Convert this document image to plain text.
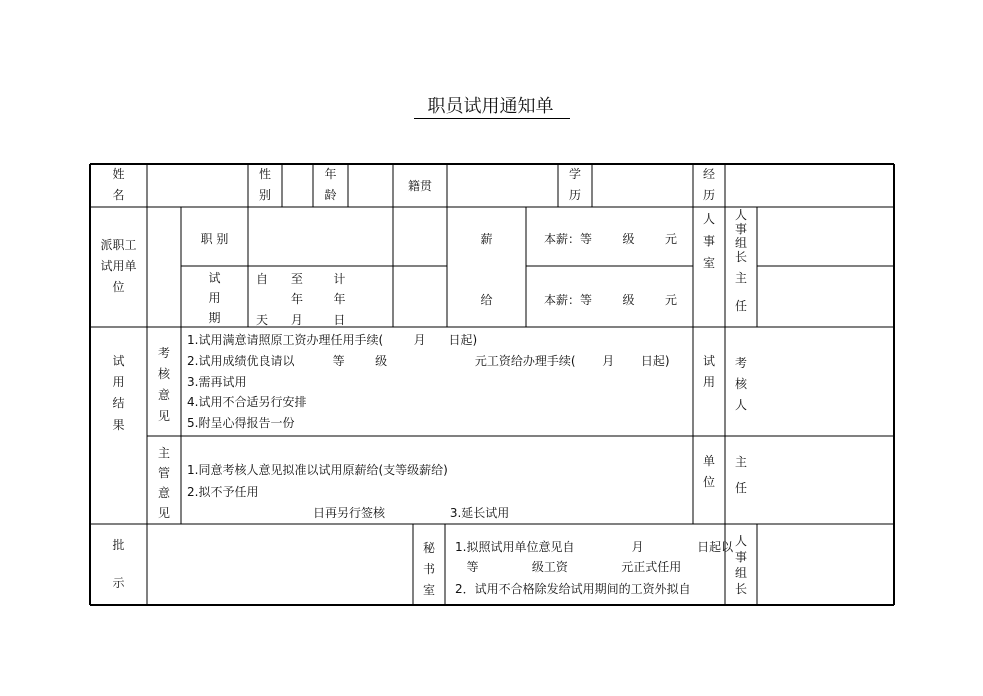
职员试用通知单
姓
名
性
别
年
龄
籍贯
学
历
经
历
派职工
试用单
位
职 别
试
用
期
自      至        计
年        年
天      月        日
薪
给
本薪：等        级        元
本薪：等        级        元
人

事

室
人
事
组
长
主

任
试

用

结

果
考
核
意
见
1.试用满意请照原工资办理任用手续(        月      日起)
2.试用成绩优良请以          等        级                       元工资给办理手续(       月       日起)
3.需再试用
4.试用不合适另行安排
5.附呈心得报告一份
主
管
意
见
1.同意考核人意见拟准以试用原薪给(支等级薪给)
2.拟不予任用
日再另行签核                 3.延长试用
试

用
单

位
考
核
人
主

任
批

示
秘
书
室
1.拟照试用单位意见自               月              日起以
等              级工资              元正式任用
2．试用不合格除发给试用期间的工资外拟自
人
事
组
长
